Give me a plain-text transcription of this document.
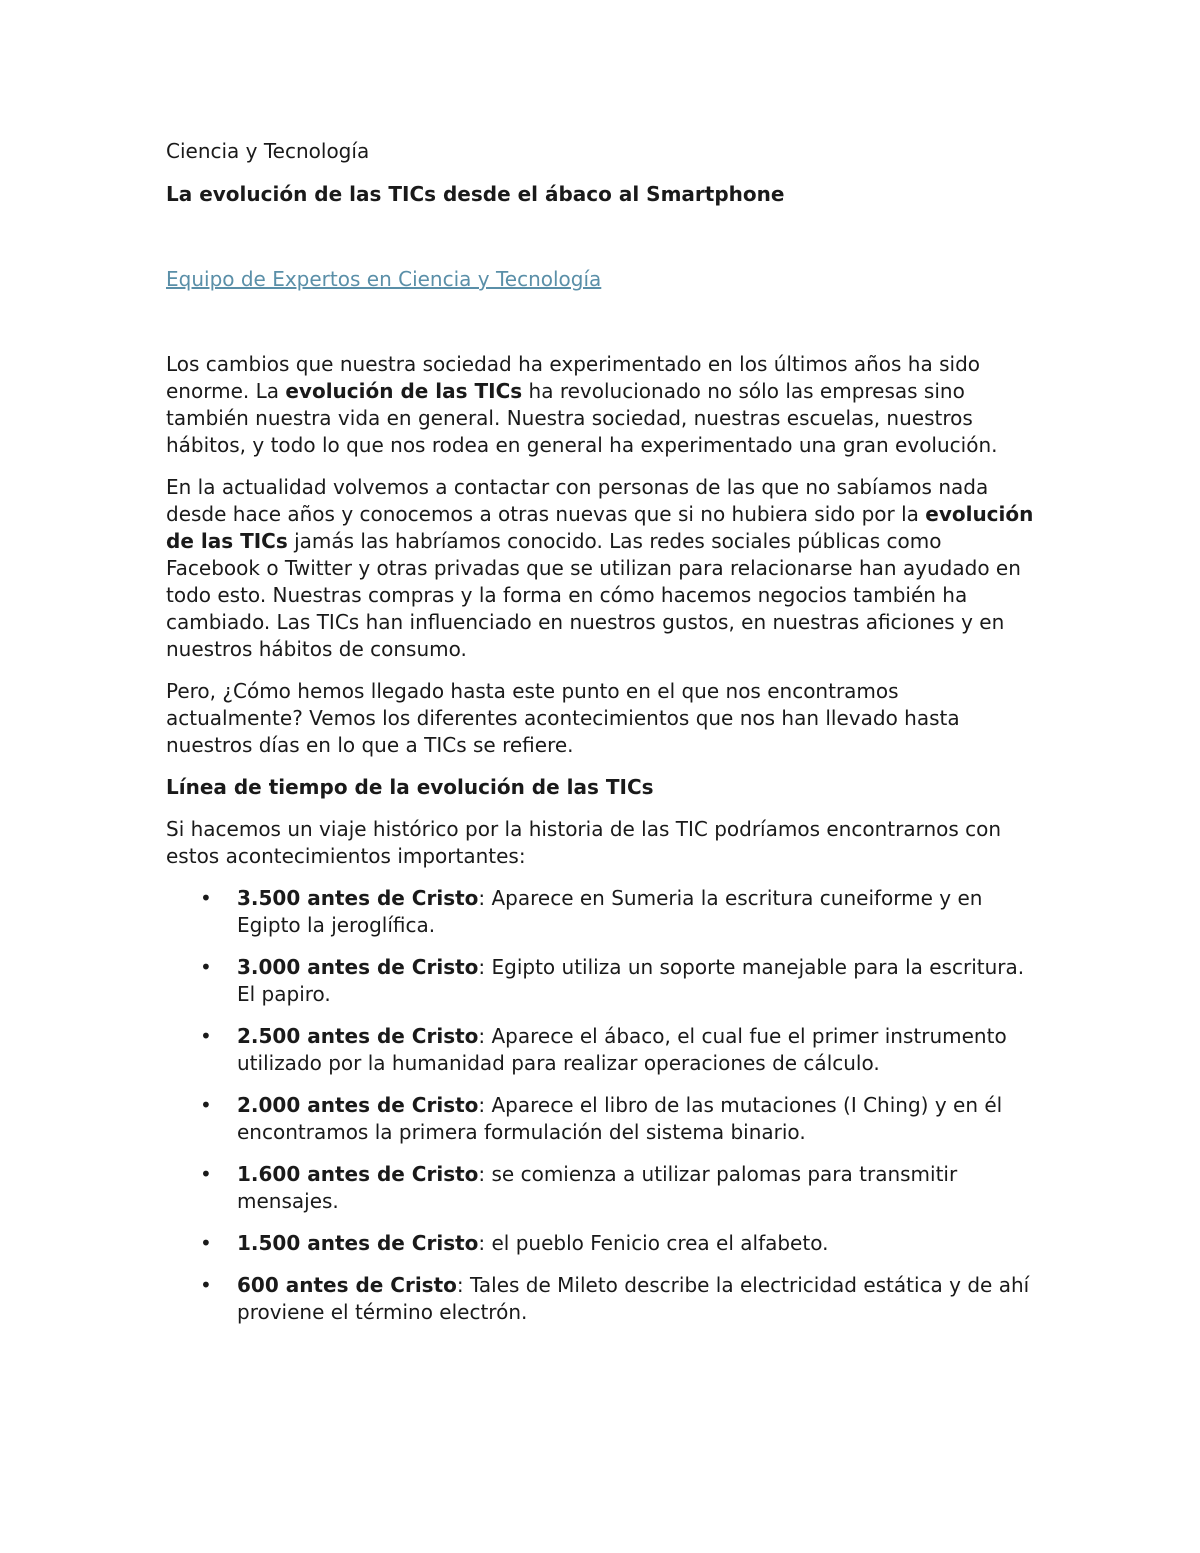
Ciencia y Tecnología

La evolución de las TICs desde el ábaco al Smartphone

Equipo de Expertos en Ciencia y Tecnología

Los cambios que nuestra sociedad ha experimentado en los últimos años ha sido enorme. La evolución de las TICs ha revolucionado no sólo las empresas sino también nuestra vida en general. Nuestra sociedad, nuestras escuelas, nuestros hábitos, y todo lo que nos rodea en general ha experimentado una gran evolución.

En la actualidad volvemos a contactar con personas de las que no sabíamos nada desde hace años y conocemos a otras nuevas que si no hubiera sido por la evolución de las TICs jamás las habríamos conocido. Las redes sociales públicas como Facebook o Twitter y otras privadas que se utilizan para relacionarse han ayudado en todo esto. Nuestras compras y la forma en cómo hacemos negocios también ha cambiado. Las TICs han influenciado en nuestros gustos, en nuestras aficiones y en nuestros hábitos de consumo.

Pero, ¿Cómo hemos llegado hasta este punto en el que nos encontramos actualmente? Vemos los diferentes acontecimientos que nos han llevado hasta nuestros días en lo que a TICs se refiere.

Línea de tiempo de la evolución de las TICs

Si hacemos un viaje histórico por la historia de las TIC podríamos encontrarnos con estos acontecimientos importantes:

• 3.500 antes de Cristo: Aparece en Sumeria la escritura cuneiforme y en Egipto la jeroglífica.
• 3.000 antes de Cristo: Egipto utiliza un soporte manejable para la escritura. El papiro.
• 2.500 antes de Cristo: Aparece el ábaco, el cual fue el primer instrumento utilizado por la humanidad para realizar operaciones de cálculo.
• 2.000 antes de Cristo: Aparece el libro de las mutaciones (I Ching) y en él encontramos la primera formulación del sistema binario.
• 1.600 antes de Cristo: se comienza a utilizar palomas para transmitir mensajes.
• 1.500 antes de Cristo: el pueblo Fenicio crea el alfabeto.
• 600 antes de Cristo: Tales de Mileto describe la electricidad estática y de ahí proviene el término electrón.
